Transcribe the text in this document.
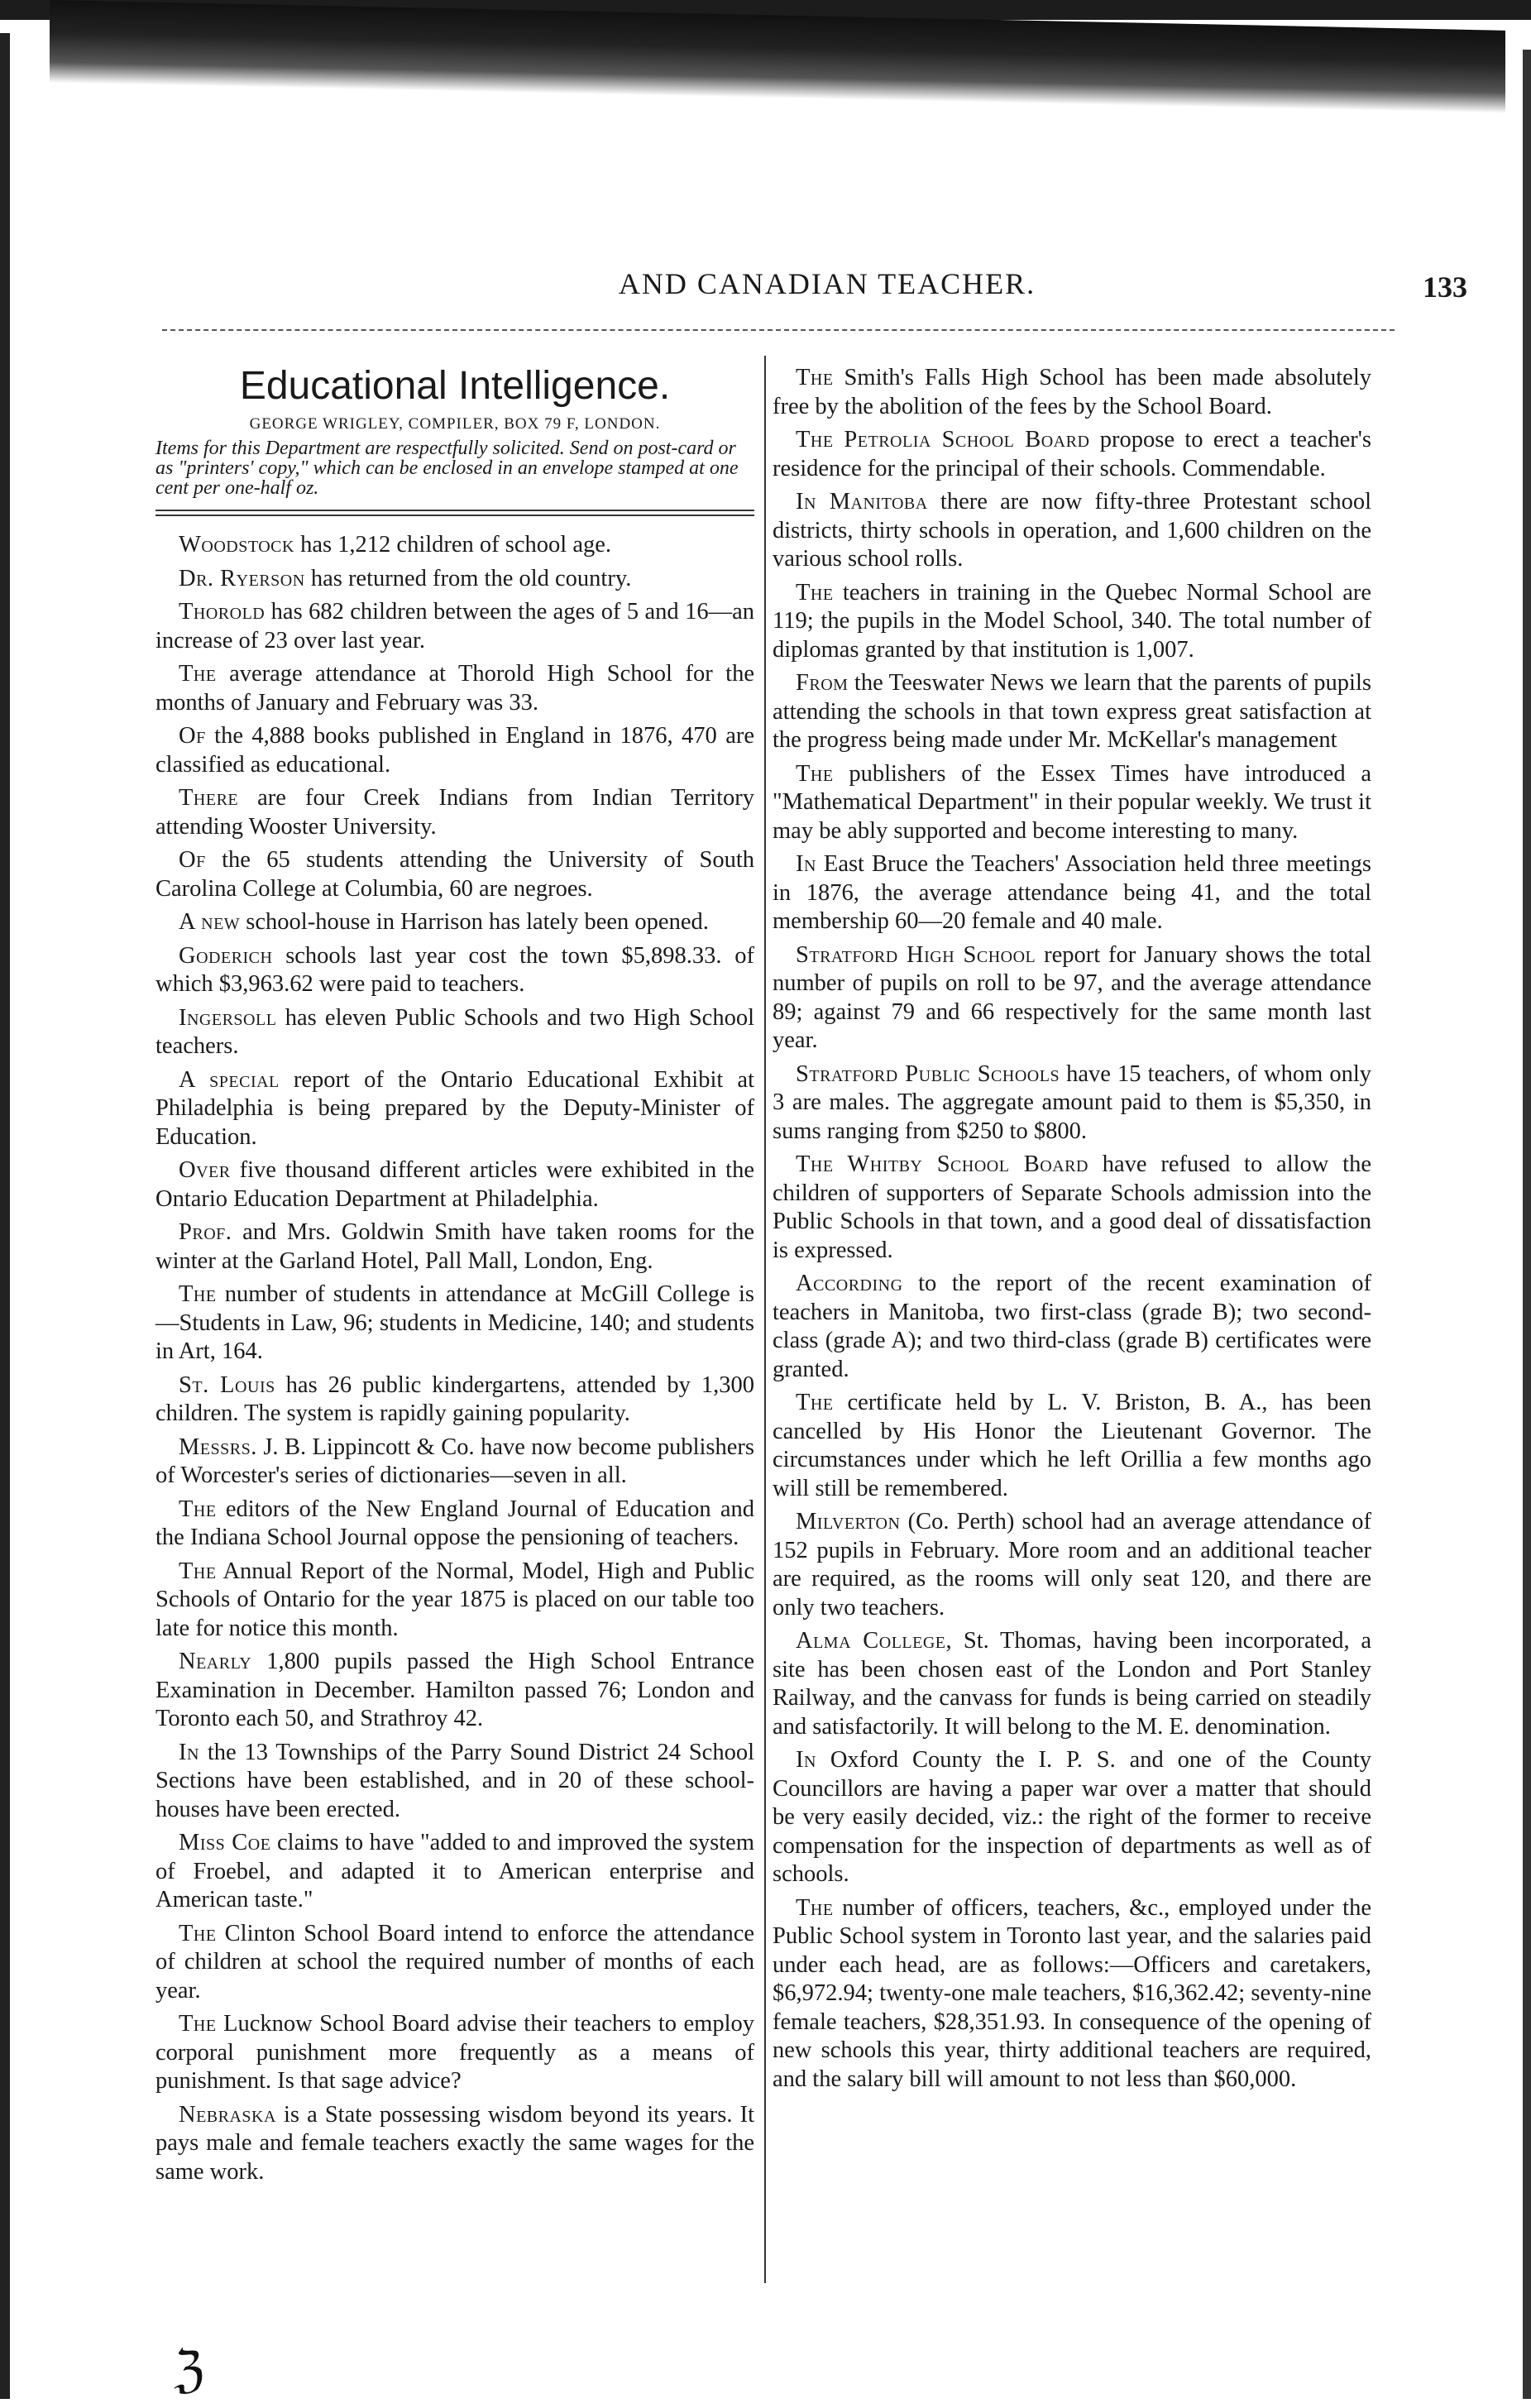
AND CANADIAN TEACHER.	133
Educational Intelligence.

GEORGE WRIGLEY, COMPILER, BOX 79 F, LONDON.

Items for this Department are respectfully solicited. Send on post-card or as "printers' copy," which can be enclosed in an envelope stamped at one cent per one-half oz.

Woodstock has 1,212 children of school age.

Dr. Ryerson has returned from the old country.

Thorold has 682 children between the ages of 5 and 16—an increase of 23 over last year.

The average attendance at Thorold High School for the months of January and February was 33.

Of the 4,888 books published in England in 1876, 470 are classified as educational.

There are four Creek Indians from Indian Territory attending Wooster University.

Of the 65 students attending the University of South Carolina College at Columbia, 60 are negroes.

A new school-house in Harrison has lately been opened.

Goderich schools last year cost the town $5,898.33. of which $3,963.62 were paid to teachers.

Ingersoll has eleven Public Schools and two High School teachers.

A special report of the Ontario Educational Exhibit at Philadelphia is being prepared by the Deputy-Minister of Education.

Over five thousand different articles were exhibited in the Ontario Education Department at Philadelphia.

Prof. and Mrs. Goldwin Smith have taken rooms for the winter at the Garland Hotel, Pall Mall, London, Eng.

The number of students in attendance at McGill College is—Students in Law, 96; students in Medicine, 140; and students in Art, 164.

St. Louis has 26 public kindergartens, attended by 1,300 children. The system is rapidly gaining popularity.

Messrs. J. B. Lippincott & Co. have now become publishers of Worcester's series of dictionaries—seven in all.

The editors of the New England Journal of Education and the Indiana School Journal oppose the pensioning of teachers.

The Annual Report of the Normal, Model, High and Public Schools of Ontario for the year 1875 is placed on our table too late for notice this month.

Nearly 1,800 pupils passed the High School Entrance Examination in December. Hamilton passed 76; London and Toronto each 50, and Strathroy 42.

In the 13 Townships of the Parry Sound District 24 School Sections have been established, and in 20 of these school-houses have been erected.

Miss Coe claims to have "added to and improved the system of Froebel, and adapted it to American enterprise and American taste."

The Clinton School Board intend to enforce the attendance of children at school the required number of months of each year.

The Lucknow School Board advise their teachers to employ corporal punishment more frequently as a means of punishment. Is that sage advice?

Nebraska is a State possessing wisdom beyond its years. It pays male and female teachers exactly the same wages for the same work.

The Smith's Falls High School has been made absolutely free by the abolition of the fees by the School Board.

The Petrolia School Board propose to erect a teacher's residence for the principal of their schools. Commendable.

In Manitoba there are now fifty-three Protestant school districts, thirty schools in operation, and 1,600 children on the various school rolls.

The teachers in training in the Quebec Normal School are 119; the pupils in the Model School, 340. The total number of diplomas granted by that institution is 1,007.

From the Teeswater News we learn that the parents of pupils attending the schools in that town express great satisfaction at the progress being made under Mr. McKellar's management

The publishers of the Essex Times have introduced a "Mathematical Department" in their popular weekly. We trust it may be ably supported and become interesting to many.

In East Bruce the Teachers' Association held three meetings in 1876, the average attendance being 41, and the total membership 60—20 female and 40 male.

Stratford High School report for January shows the total number of pupils on roll to be 97, and the average attendance 89; against 79 and 66 respectively for the same month last year.

Stratford Public Schools have 15 teachers, of whom only 3 are males. The aggregate amount paid to them is $5,350, in sums ranging from $250 to $800.

The Whitby School Board have refused to allow the children of supporters of Separate Schools admission into the Public Schools in that town, and a good deal of dissatisfaction is expressed.

According to the report of the recent examination of teachers in Manitoba, two first-class (grade B); two second-class (grade A); and two third-class (grade B) certificates were granted.

The certificate held by L. V. Briston, B. A., has been cancelled by His Honor the Lieutenant Governor. The circumstances under which he left Orillia a few months ago will still be remembered.

Milverton (Co. Perth) school had an average attendance of 152 pupils in February. More room and an additional teacher are required, as the rooms will only seat 120, and there are only two teachers.

Alma College, St. Thomas, having been incorporated, a site has been chosen east of the London and Port Stanley Railway, and the canvass for funds is being carried on steadily and satisfactorily. It will belong to the M. E. denomination.

In Oxford County the I. P. S. and one of the County Councillors are having a paper war over a matter that should be very easily decided, viz.: the right of the former to receive compensation for the inspection of departments as well as of schools.

The number of officers, teachers, &c., employed under the Public School system in Toronto last year, and the salaries paid under each head, are as follows:—Officers and caretakers, $6,972.94; twenty-one male teachers, $16,362.42; seventy-nine female teachers, $28,351.93. In consequence of the opening of new schools this year, thirty additional teachers are required, and the salary bill will amount to not less than $60,000.

ℨ
